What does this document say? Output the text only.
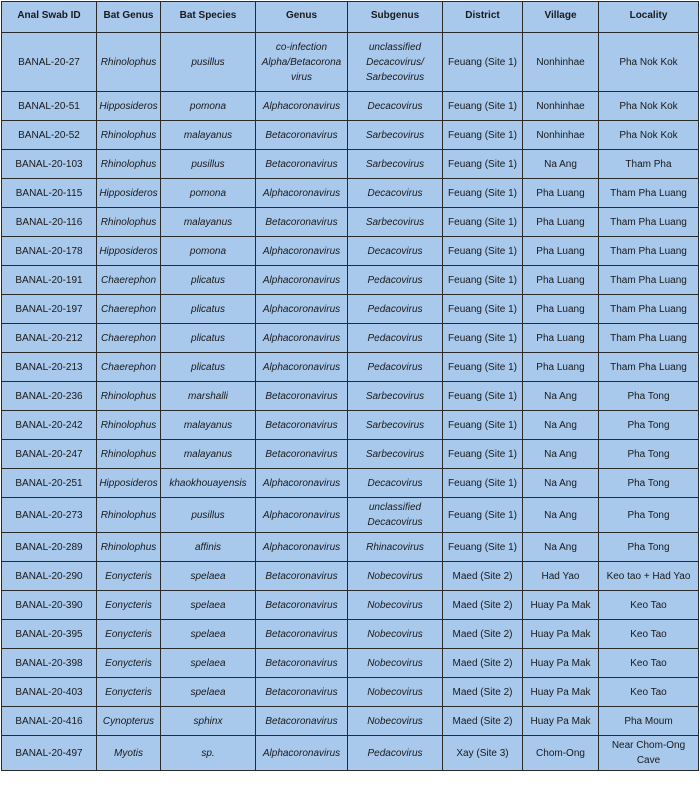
Anal Swab ID	Bat Genus	Bat Species	Genus	Subgenus	District	Village	Locality
BANAL-20-27	Rhinolophus	pusillus	co-infection Alpha/Betacorona virus	unclassified Decacovirus/ Sarbecovirus	Feuang (Site 1)	Nonhinhae	Pha Nok Kok
BANAL-20-51	Hipposideros	pomona	Alphacoronavirus	Decacovirus	Feuang (Site 1)	Nonhinhae	Pha Nok Kok
BANAL-20-52	Rhinolophus	malayanus	Betacoronavirus	Sarbecovirus	Feuang (Site 1)	Nonhinhae	Pha Nok Kok
BANAL-20-103	Rhinolophus	pusillus	Betacoronavirus	Sarbecovirus	Feuang (Site 1)	Na Ang	Tham Pha
BANAL-20-115	Hipposideros	pomona	Alphacoronavirus	Decacovirus	Feuang (Site 1)	Pha Luang	Tham Pha Luang
BANAL-20-116	Rhinolophus	malayanus	Betacoronavirus	Sarbecovirus	Feuang (Site 1)	Pha Luang	Tham Pha Luang
BANAL-20-178	Hipposideros	pomona	Alphacoronavirus	Decacovirus	Feuang (Site 1)	Pha Luang	Tham Pha Luang
BANAL-20-191	Chaerephon	plicatus	Alphacoronavirus	Pedacovirus	Feuang (Site 1)	Pha Luang	Tham Pha Luang
BANAL-20-197	Chaerephon	plicatus	Alphacoronavirus	Pedacovirus	Feuang (Site 1)	Pha Luang	Tham Pha Luang
BANAL-20-212	Chaerephon	plicatus	Alphacoronavirus	Pedacovirus	Feuang (Site 1)	Pha Luang	Tham Pha Luang
BANAL-20-213	Chaerephon	plicatus	Alphacoronavirus	Pedacovirus	Feuang (Site 1)	Pha Luang	Tham Pha Luang
BANAL-20-236	Rhinolophus	marshalli	Betacoronavirus	Sarbecovirus	Feuang (Site 1)	Na Ang	Pha Tong
BANAL-20-242	Rhinolophus	malayanus	Betacoronavirus	Sarbecovirus	Feuang (Site 1)	Na Ang	Pha Tong
BANAL-20-247	Rhinolophus	malayanus	Betacoronavirus	Sarbecovirus	Feuang (Site 1)	Na Ang	Pha Tong
BANAL-20-251	Hipposideros	khaokhouayensis	Alphacoronavirus	Decacovirus	Feuang (Site 1)	Na Ang	Pha Tong
BANAL-20-273	Rhinolophus	pusillus	Alphacoronavirus	unclassified Decacovirus	Feuang (Site 1)	Na Ang	Pha Tong
BANAL-20-289	Rhinolophus	affinis	Alphacoronavirus	Rhinacovirus	Feuang (Site 1)	Na Ang	Pha Tong
BANAL-20-290	Eonycteris	spelaea	Betacoronavirus	Nobecovirus	Maed (Site 2)	Had Yao	Keo tao + Had Yao
BANAL-20-390	Eonycteris	spelaea	Betacoronavirus	Nobecovirus	Maed (Site 2)	Huay Pa Mak	Keo Tao
BANAL-20-395	Eonycteris	spelaea	Betacoronavirus	Nobecovirus	Maed (Site 2)	Huay Pa Mak	Keo Tao
BANAL-20-398	Eonycteris	spelaea	Betacoronavirus	Nobecovirus	Maed (Site 2)	Huay Pa Mak	Keo Tao
BANAL-20-403	Eonycteris	spelaea	Betacoronavirus	Nobecovirus	Maed (Site 2)	Huay Pa Mak	Keo Tao
BANAL-20-416	Cynopterus	sphinx	Betacoronavirus	Nobecovirus	Maed (Site 2)	Huay Pa Mak	Pha Moum
BANAL-20-497	Myotis	sp.	Alphacoronavirus	Pedacovirus	Xay (Site 3)	Chom-Ong	Near Chom-Ong Cave
